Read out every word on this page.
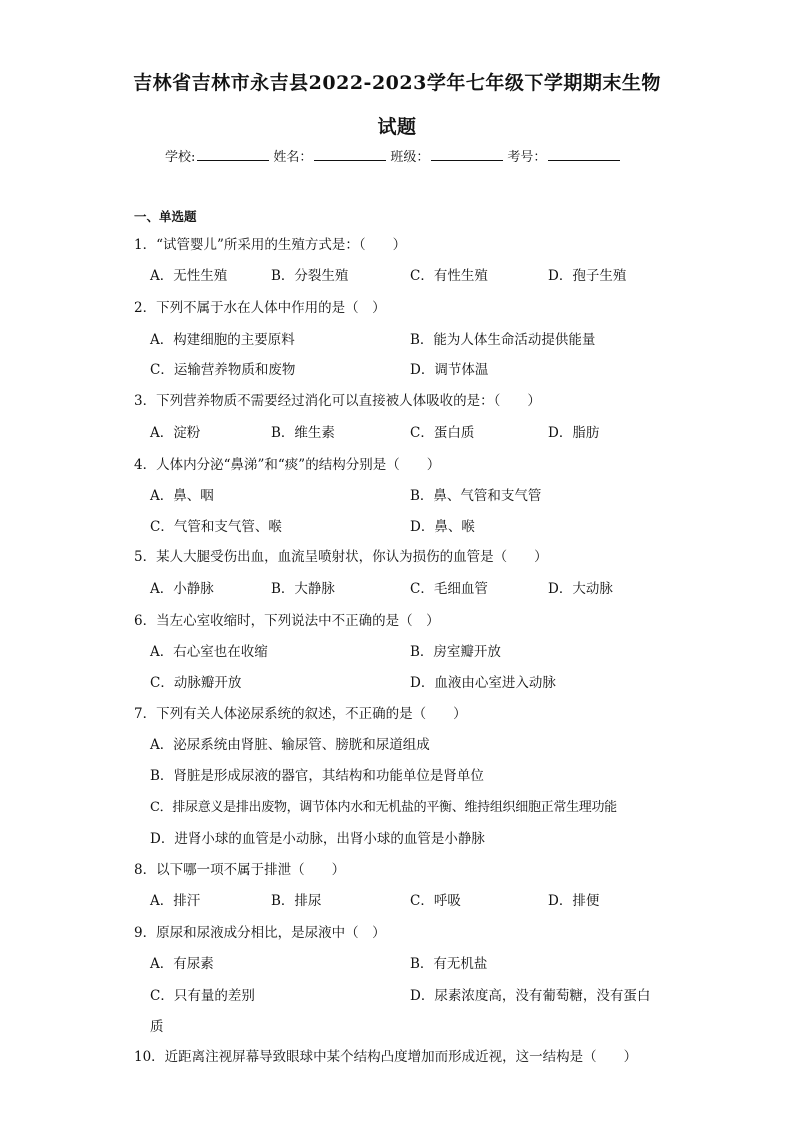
吉林省吉林市永吉县2022-2023学年七年级下学期期末生物
试题
学校:	姓名：	班级：	考号：
一、单选题
1．“试管婴儿”所采用的生殖方式是：（　　）
A．无性生殖	B．分裂生殖	C．有性生殖	D．孢子生殖
2．下列不属于水在人体中作用的是（　）
A．构建细胞的主要原料	B．能为人体生命活动提供能量
C．运输营养物质和废物	D．调节体温
3．下列营养物质不需要经过消化可以直接被人体吸收的是：（　　）
A．淀粉	B．维生素	C．蛋白质	D．脂肪
4．人体内分泌“鼻涕”和“痰”的结构分别是（　　）
A．鼻、咽	B．鼻、气管和支气管
C．气管和支气管、喉	D．鼻、喉
5．某人大腿受伤出血，血流呈喷射状，你认为损伤的血管是（　　）
A．小静脉	B．大静脉	C．毛细血管	D．大动脉
6．当左心室收缩时，下列说法中不正确的是（　）
A．右心室也在收缩	B．房室瓣开放
C．动脉瓣开放	D．血液由心室进入动脉
7．下列有关人体泌尿系统的叙述，不正确的是（　　）
A．泌尿系统由肾脏、输尿管、膀胱和尿道组成
B．肾脏是形成尿液的器官，其结构和功能单位是肾单位
C．排尿意义是排出废物，调节体内水和无机盐的平衡、维持组织细胞正常生理功能
D．进肾小球的血管是小动脉，出肾小球的血管是小静脉
8．以下哪一项不属于排泄（　　）
A．排汗	B．排尿	C．呼吸	D．排便
9．原尿和尿液成分相比，是尿液中（　）
A．有尿素	B．有无机盐
C．只有量的差别	D．尿素浓度高，没有葡萄糖，没有蛋白
质
10．近距离注视屏幕导致眼球中某个结构凸度增加而形成近视，这一结构是（　　）
